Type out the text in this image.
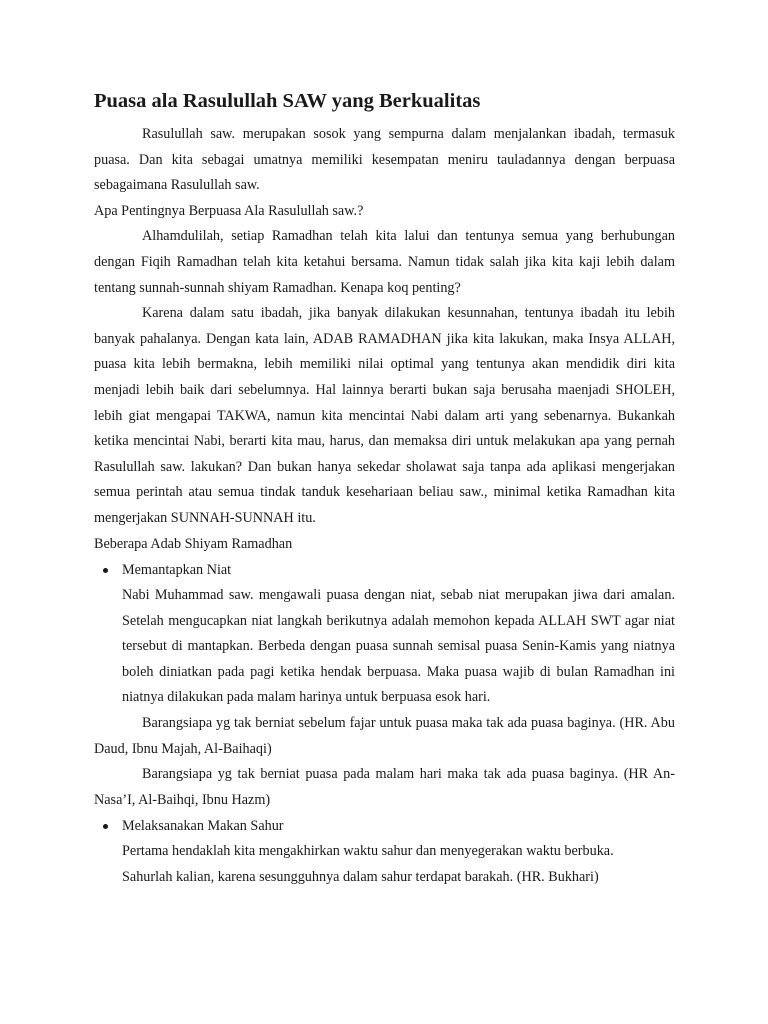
Puasa ala Rasulullah SAW yang Berkualitas

Rasulullah saw. merupakan sosok yang sempurna dalam menjalankan ibadah, termasuk puasa. Dan kita sebagai umatnya memiliki kesempatan meniru tauladannya dengan berpuasa sebagaimana Rasulullah saw.

Apa Pentingnya Berpuasa Ala Rasulullah saw.?

Alhamdulilah, setiap Ramadhan telah kita lalui dan tentunya semua yang berhubungan dengan Fiqih Ramadhan telah kita ketahui bersama. Namun tidak salah jika kita kaji lebih dalam tentang sunnah-sunnah shiyam Ramadhan. Kenapa koq penting?

Karena dalam satu ibadah, jika banyak dilakukan kesunnahan, tentunya ibadah itu lebih banyak pahalanya. Dengan kata lain, ADAB RAMADHAN jika kita lakukan, maka Insya ALLAH, puasa kita lebih bermakna, lebih memiliki nilai optimal yang tentunya akan mendidik diri kita menjadi lebih baik dari sebelumnya. Hal lainnya berarti bukan saja berusaha maenjadi SHOLEH, lebih giat mengapai TAKWA, namun kita mencintai Nabi dalam arti yang sebenarnya. Bukankah ketika mencintai Nabi, berarti kita mau, harus, dan memaksa diri untuk melakukan apa yang pernah Rasulullah saw. lakukan? Dan bukan hanya sekedar sholawat saja tanpa ada aplikasi mengerjakan semua perintah atau semua tindak tanduk kesehariaan beliau saw., minimal ketika Ramadhan kita mengerjakan SUNNAH-SUNNAH itu.

Beberapa Adab Shiyam Ramadhan

Memantapkan Niat

Nabi Muhammad saw. mengawali puasa dengan niat, sebab niat merupakan jiwa dari amalan. Setelah mengucapkan niat langkah berikutnya adalah memohon kepada ALLAH SWT agar niat tersebut di mantapkan. Berbeda dengan puasa sunnah semisal puasa Senin-Kamis yang niatnya boleh diniatkan pada pagi ketika hendak berpuasa. Maka puasa wajib di bulan Ramadhan ini niatnya dilakukan pada malam harinya untuk berpuasa esok hari.

Barangsiapa yg tak berniat sebelum fajar untuk puasa maka tak ada puasa baginya. (HR. Abu Daud, Ibnu Majah, Al-Baihaqi)

Barangsiapa yg tak berniat puasa pada malam hari maka tak ada puasa baginya. (HR An-Nasa’I, Al-Baihqi, Ibnu Hazm)

Melaksanakan Makan Sahur

Pertama hendaklah kita mengakhirkan waktu sahur dan menyegerakan waktu berbuka.

Sahurlah kalian, karena sesungguhnya dalam sahur terdapat barakah. (HR. Bukhari)
